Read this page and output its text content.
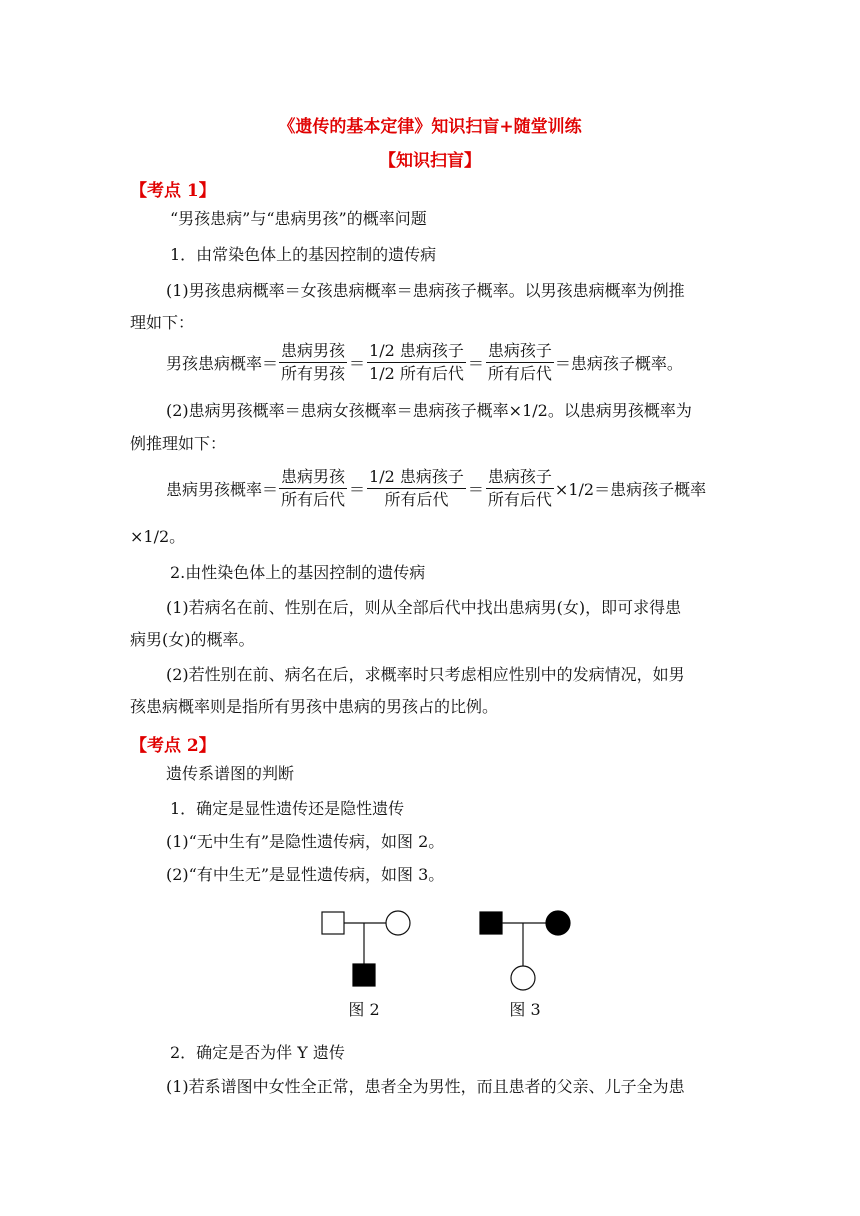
《遗传的基本定律》知识扫盲+随堂训练
【知识扫盲】
【考点 1】
“男孩患病”与“患病男孩”的概率问题
1．由常染色体上的基因控制的遗传病
(1)男孩患病概率＝女孩患病概率＝患病孩子概率。以男孩患病概率为例推
理如下：
男孩患病概率＝ $\frac{\text{患病男孩}}{\text{所有男孩}} = \frac{\text{1/2 患病孩子}}{\text{1/2 所有后代}} = \frac{\text{患病孩子}}{\text{所有后代}}$ ＝患病孩子概率。
(2)患病男孩概率＝患病女孩概率＝患病孩子概率×1/2。以患病男孩概率为
例推理如下：
患病男孩概率＝ $\frac{\text{患病男孩}}{\text{所有后代}} = \frac{\text{1/2 患病孩子}}{\text{所有后代}} = \frac{\text{患病孩子}}{\text{所有后代}} \times 1/2=$患病孩子概率
×1/2。
2.由性染色体上的基因控制的遗传病
(1)若病名在前、性别在后，则从全部后代中找出患病男(女)，即可求得患
病男(女)的概率。
(2)若性别在前、病名在后，求概率时只考虑相应性别中的发病情况，如男
孩患病概率则是指所有男孩中患病的男孩占的比例。
【考点 2】
遗传系谱图的判断
1．确定是显性遗传还是隐性遗传
(1)“无中生有”是隐性遗传病，如图 2。
(2)“有中生无”是显性遗传病，如图 3。
图 2	图 3
2．确定是否为伴 Y 遗传
(1)若系谱图中女性全正常，患者全为男性，而且患者的父亲、儿子全为患
